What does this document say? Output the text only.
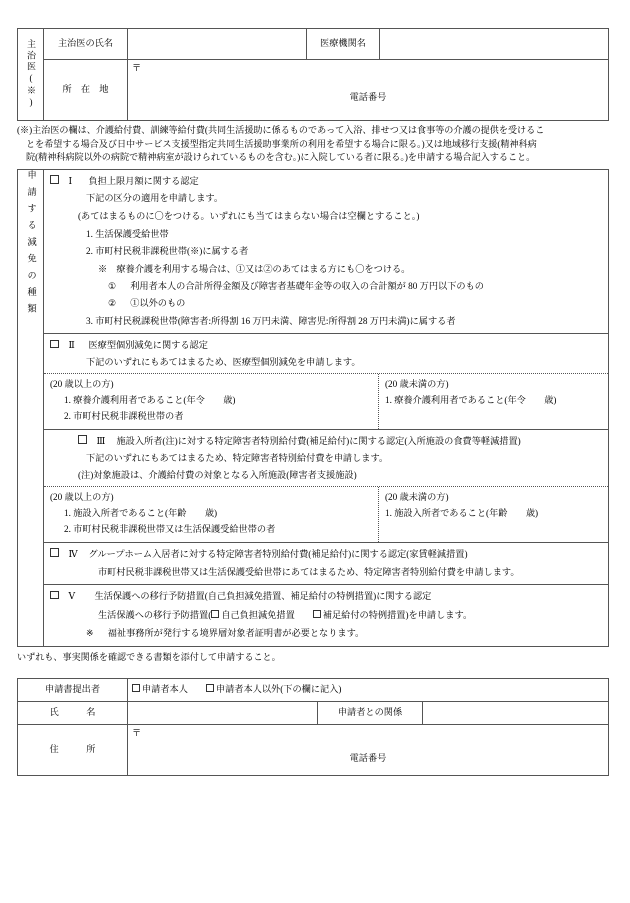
主治医(※)	主治医の氏名		医療機関名	
	所　在　地	〒
電話番号		
(※)主治医の欄は、介護給付費、訓練等給付費(共同生活援助に係るものであって入浴、排せつ又は食事等の介護の提供を受けるこ
とを希望する場合及び日中サービス支援型指定共同生活援助事業所の利用を希望する場合に限る。)又は地域移行支援(精神科病
院(精神科病院以外の病院で精神病室が設けられているものを含む。)に入院している者に限る。)を申請する場合記入すること。
申請する減免の種類	Ⅰ 負担上限月額に関する認定
下記の区分の適用を申請します。
(あてはまるものに〇をつける。いずれにも当てはまらない場合は空欄とすること。)
1. 生活保護受給世帯
2. 市町村民税非課税世帯(※)に属する者
※　療養介護を利用する場合は、①又は②のあてはまる方にも〇をつける。
① 利用者本人の合計所得金額及び障害者基礎年金等の収入の合計額が 80 万円以下のもの
② ①以外のもの
3. 市町村民税課税世帯(障害者:所得割 16 万円未満、障害児:所得割 28 万円未満)に属する者

Ⅱ 医療型個別減免に関する認定
下記のいずれにもあてはまるため、医療型個別減免を申請します。
(20 歳以上の方)
1. 療養介護利用者であること(年令　　歳)
2. 市町村民税非課税世帯の者
(20 歳未満の方)
1. 療養介護利用者であること(年令　　歳)

Ⅲ 施設入所者(注)に対する特定障害者特別給付費(補足給付)に関する認定(入所施設の食費等軽減措置)
下記のいずれにもあてはまるため、特定障害者特別給付費を申請します。
(注)対象施設は、介護給付費の対象となる入所施設(障害者支援施設)
(20 歳以上の方)
1. 施設入所者であること(年齢　　歳)
2. 市町村民税非課税世帯又は生活保護受給世帯の者
(20 歳未満の方)
1. 施設入所者であること(年齢　　歳)

Ⅳ グループホーム入居者に対する特定障害者特別給付費(補足給付)に関する認定(家賃軽減措置)
市町村民税非課税世帯又は生活保護受給世帯にあてはまるため、特定障害者特別給付費を申請します。

Ⅴ 生活保護への移行予防措置(自己負担減免措置、補足給付の特例措置)に関する認定
生活保護への移行予防措置( 自己負担減免措置	補足給付の特例措置)を申請します。
※ 福祉事務所が発行する境界層対象者証明書が必要となります。
いずれも、事実関係を確認できる書類を添付して申請すること。
申請書提出者	申請者本人 申請者本人以外(下の欄に記入)		
氏　　　名		申請者との関係	
住　　　所	〒
電話番号		
